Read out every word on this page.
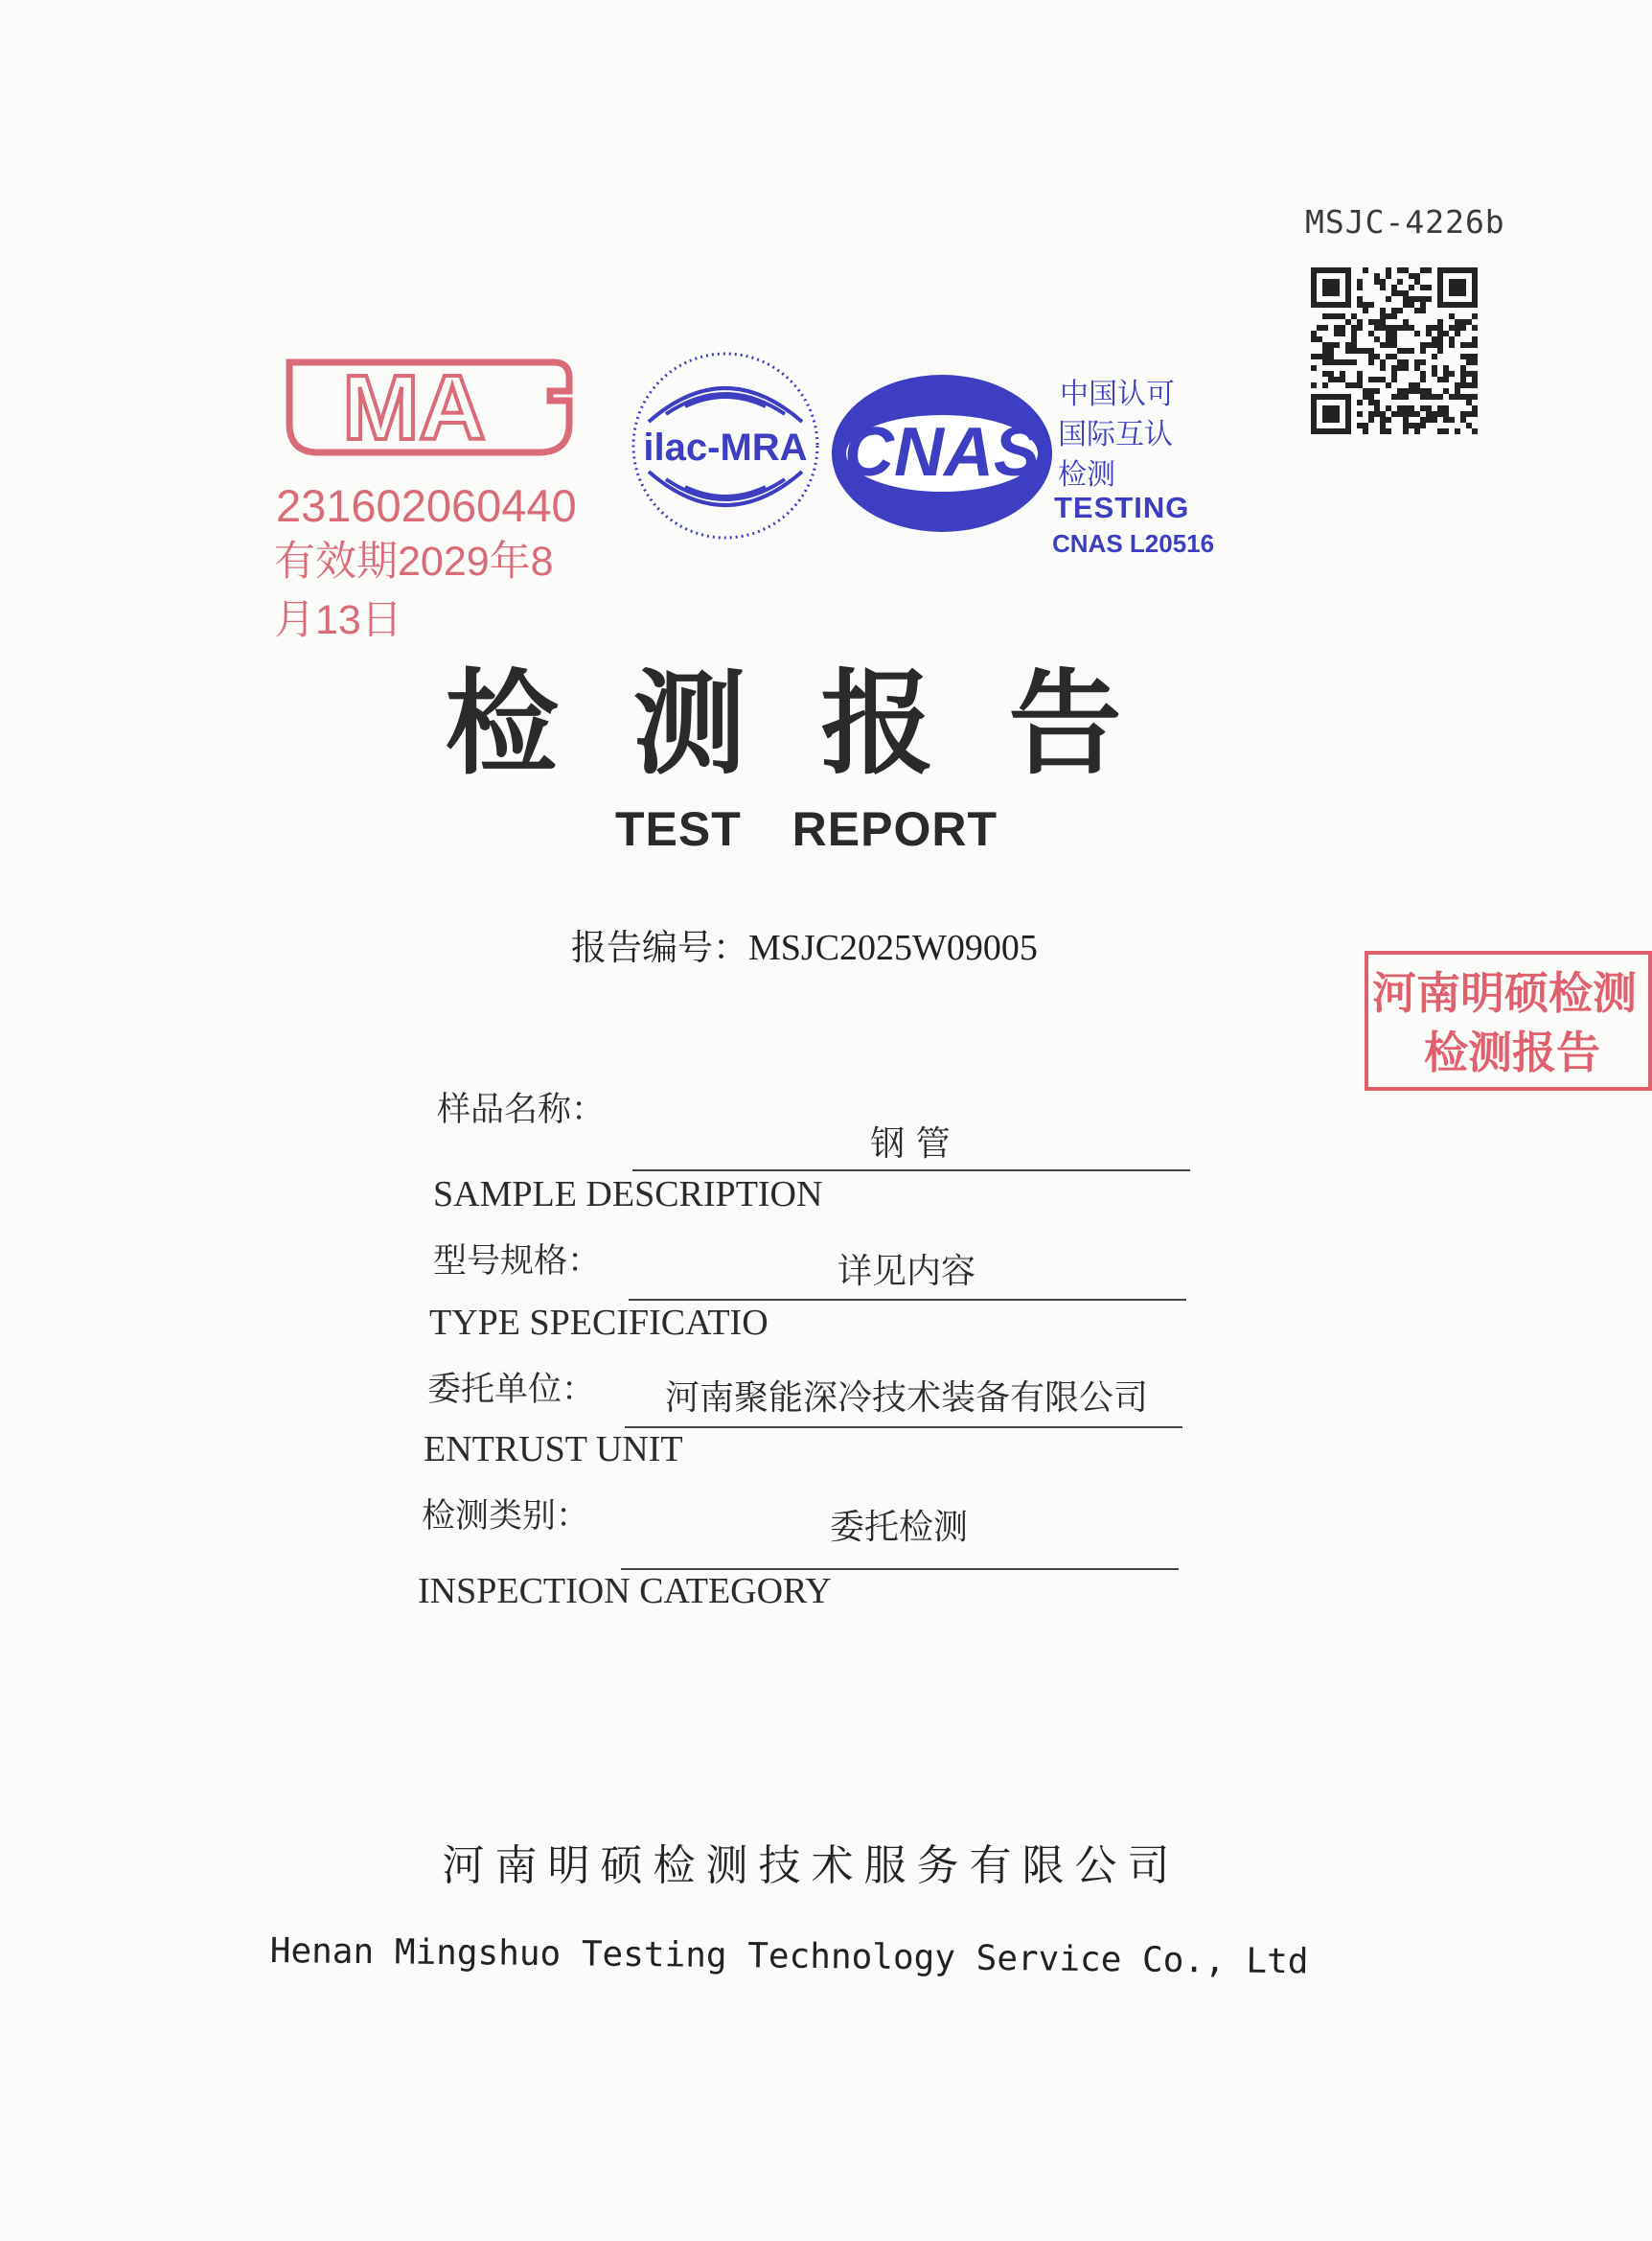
MSJC-4226b
MA
231602060440
有效期2029年8月13日
ilac-MRA CNAS
中国认可
国际互认
检测
TESTING
CNAS L20516
检测报告
TEST REPORT
报告编号：MSJC2025W09005
河南明硕检测
检测报告
样品名称：
钢 管
SAMPLE DESCRIPTION
型号规格：	详见内容
TYPE SPECIFICATIO
委托单位：	河南聚能深冷技术装备有限公司
ENTRUST UNIT
检测类别：	委托检测
INSPECTION CATEGORY
河南明硕检测技术服务有限公司
Henan Mingshuo Testing Technology Service Co., Ltd
